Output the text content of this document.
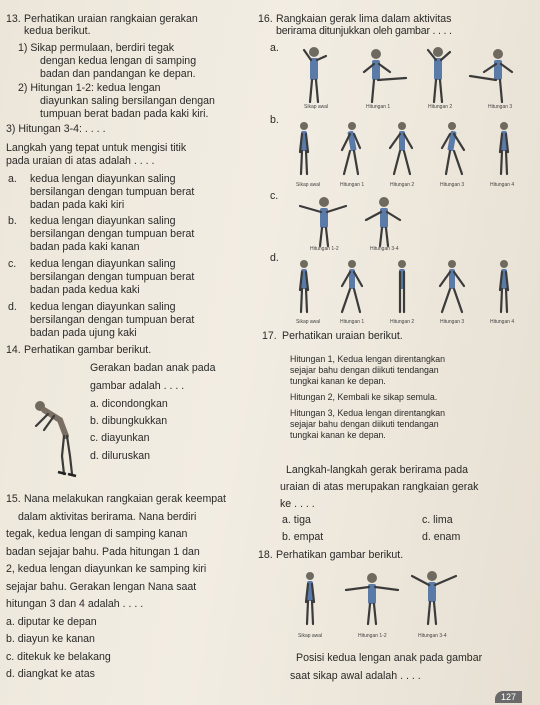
13. Perhatikan uraian rangkaian gerakan
kedua berikut.
1) Sikap permulaan, berdiri tegak
dengan kedua lengan di samping
badan dan pandangan ke depan.
2) Hitungan 1-2: kedua lengan
diayunkan saling bersilangan dengan
tumpuan berat badan pada kaki kiri.
3) Hitungan 3-4: . . . .
Langkah yang tepat untuk mengisi titik
pada uraian di atas adalah . . . .
a. kedua lengan diayunkan saling
bersilangan dengan tumpuan berat
badan pada kaki kiri
b. kedua lengan diayunkan saling
bersilangan dengan tumpuan berat
badan pada kaki kanan
c. kedua lengan diayunkan saling
bersilangan dengan tumpuan berat
badan pada kedua kaki
d. kedua lengan diayunkan saling
bersilangan dengan tumpuan berat
badan pada ujung kaki
14. Perhatikan gambar berikut.
Gerakan badan anak pada
gambar adalah . . . .
a. dicondongkan
b. dibungkukkan
c. diayunkan
d. diluruskan
15. Nana melakukan rangkaian gerak keempat
dalam aktivitas berirama. Nana berdiri
tegak, kedua lengan di samping kanan
badan sejajar bahu. Pada hitungan 1 dan
2, kedua lengan diayunkan ke samping kiri
sejajar bahu. Gerakan lengan Nana saat
hitungan 3 dan 4 adalah . . . .
a. diputar ke depan
b. diayun ke kanan
c. ditekuk ke belakang
d. diangkat ke atas
16. Rangkaian gerak lima dalam aktivitas
berirama ditunjukkan oleh gambar . . . .
a.
b.
c.
d.
Sikap awal	Hitungan 1	Hitungan 2	Hitungan 3
Sikap awal	Hitungan 1	Hitungan 2	Hitungan 3	Hitungan 4
Hitungan 1-2	Hitungan 3-4
Sikap awal	Hitungan 1	Hitungan 2	Hitungan 3	Hitungan 4
17. Perhatikan uraian berikut.
Hitungan 1, Kedua lengan direntangkan
sejajar bahu dengan diikuti tendangan
tungkai kanan ke depan.
Hitungan 2, Kembali ke sikap semula.
Hitungan 3, Kedua lengan direntangkan
sejajar bahu dengan diikuti tendangan
tungkai kanan ke depan.
Langkah-langkah gerak berirama pada
uraian di atas merupakan rangkaian gerak
ke . . . .
a. tiga
b. empat
c. lima
d. enam
18. Perhatikan gambar berikut.
Sikap awal	Hitungan 1-2	Hitungan 3-4
Posisi kedua lengan anak pada gambar
saat sikap awal adalah . . . .
127
